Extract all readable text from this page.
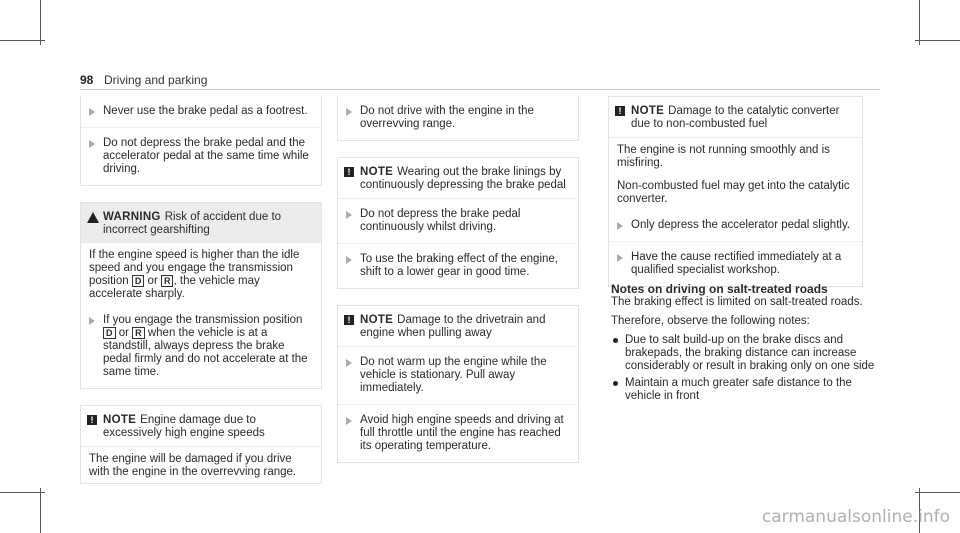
98 Driving and parking
Never use the brake pedal as a footrest.
Do not depress the brake pedal and the accelerator pedal at the same time while driving.
WARNING Risk of accident due to incorrect gearshifting
If the engine speed is higher than the idle speed and you engage the transmission position D or R , the vehicle may accelerate sharply.
If you engage the transmission position D or R when the vehicle is at a standstill, always depress the brake pedal firmly and do not accelerate at the same time.
! NOTE Engine damage due to excessively high engine speeds
The engine will be damaged if you drive with the engine in the overrevving range.
Do not drive with the engine in the overrevving range.
! NOTE Wearing out the brake linings by continuously depressing the brake pedal
Do not depress the brake pedal continuously whilst driving.
To use the braking effect of the engine, shift to a lower gear in good time.
! NOTE Damage to the drivetrain and engine when pulling away
Do not warm up the engine while the vehicle is stationary. Pull away immediately.
Avoid high engine speeds and driving at full throttle until the engine has reached its operating temperature.
! NOTE Damage to the catalytic converter due to non-combusted fuel
The engine is not running smoothly and is misfiring.
Non-combusted fuel may get into the catalytic converter.
Only depress the accelerator pedal slightly.
Have the cause rectified immediately at a qualified specialist workshop.
Notes on driving on salt-treated roads

The braking effect is limited on salt-treated roads.

Therefore, observe the following notes:

Due to salt build-up on the brake discs and brakepads, the braking distance can increase considerably or result in braking only on one side
Maintain a much greater safe distance to the vehicle in front
carmanualsonline.info
